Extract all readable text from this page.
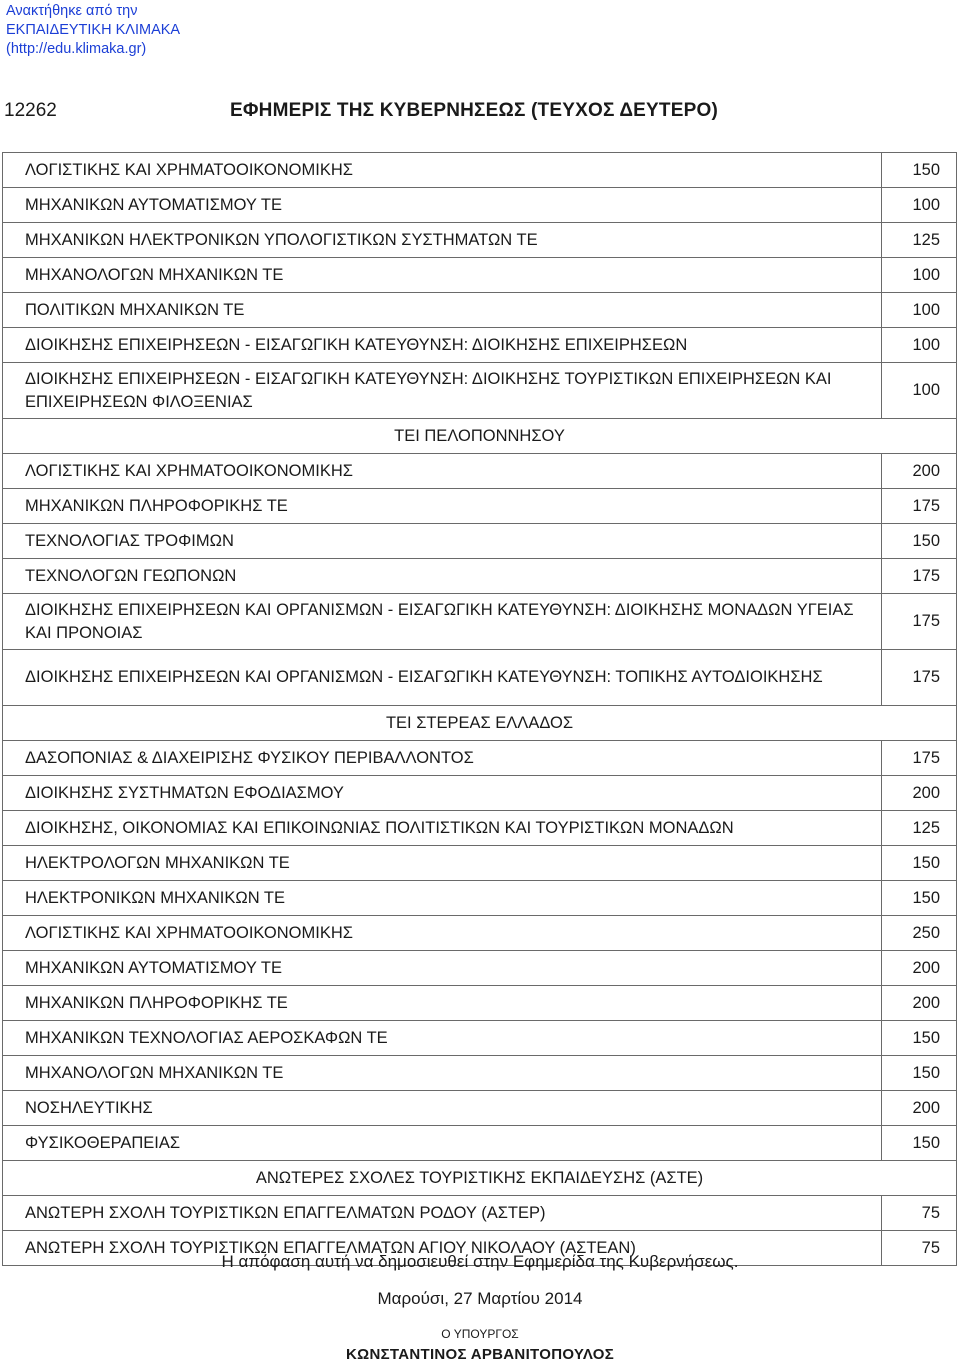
Ανακτήθηκε από την
ΕΚΠΑΙΔΕΥΤΙΚΗ ΚΛΙΜΑΚΑ
(http://edu.klimaka.gr)
12262	ΕΦΗΜΕΡΙΣ ΤΗΣ ΚΥΒΕΡΝΗΣΕΩΣ (ΤΕΥΧΟΣ ΔΕΥΤΕΡΟ)
ΛΟΓΙΣΤΙΚΗΣ ΚΑΙ ΧΡΗΜΑΤΟΟΙΚΟΝΟΜΙΚΗΣ	150
ΜΗΧΑΝΙΚΩΝ ΑΥΤΟΜΑΤΙΣΜΟΥ ΤΕ	100
ΜΗΧΑΝΙΚΩΝ ΗΛΕΚΤΡΟΝΙΚΩΝ ΥΠΟΛΟΓΙΣΤΙΚΩΝ ΣΥΣΤΗΜΑΤΩΝ ΤΕ	125
ΜΗΧΑΝΟΛΟΓΩΝ ΜΗΧΑΝΙΚΩΝ ΤΕ	100
ΠΟΛΙΤΙΚΩΝ ΜΗΧΑΝΙΚΩΝ ΤΕ	100
ΔΙΟΙΚΗΣΗΣ ΕΠΙΧΕΙΡΗΣΕΩΝ ‑ ΕΙΣΑΓΩΓΙΚΗ ΚΑΤΕΥΘΥΝΣΗ: ΔΙΟΙΚΗΣΗΣ ΕΠΙΧΕΙΡΗΣΕΩΝ	100
ΔΙΟΙΚΗΣΗΣ ΕΠΙΧΕΙΡΗΣΕΩΝ ‑ ΕΙΣΑΓΩΓΙΚΗ ΚΑΤΕΥΘΥΝΣΗ: ΔΙΟΙΚΗΣΗΣ ΤΟΥΡΙΣΤΙΚΩΝ ΕΠΙΧΕΙΡΗΣΕΩΝ ΚΑΙ ΕΠΙΧΕΙΡΗΣΕΩΝ ΦΙΛΟΞΕΝΙΑΣ	100
ΤΕΙ ΠΕΛΟΠΟΝΝΗΣΟΥ	
ΛΟΓΙΣΤΙΚΗΣ ΚΑΙ ΧΡΗΜΑΤΟΟΙΚΟΝΟΜΙΚΗΣ	200
ΜΗΧΑΝΙΚΩΝ ΠΛΗΡΟΦΟΡΙΚΗΣ ΤΕ	175
ΤΕΧΝΟΛΟΓΙΑΣ ΤΡΟΦΙΜΩΝ	150
ΤΕΧΝΟΛΟΓΩΝ ΓΕΩΠΟΝΩΝ	175
ΔΙΟΙΚΗΣΗΣ ΕΠΙΧΕΙΡΗΣΕΩΝ ΚΑΙ ΟΡΓΑΝΙΣΜΩΝ ‑ ΕΙΣΑΓΩΓΙΚΗ ΚΑΤΕΥΘΥΝΣΗ: ΔΙΟΙΚΗΣΗΣ ΜΟΝΑΔΩΝ ΥΓΕΙΑΣ ΚΑΙ ΠΡΟΝΟΙΑΣ	175
ΔΙΟΙΚΗΣΗΣ ΕΠΙΧΕΙΡΗΣΕΩΝ ΚΑΙ ΟΡΓΑΝΙΣΜΩΝ ‑ ΕΙΣΑΓΩΓΙΚΗ ΚΑΤΕΥΘΥΝΣΗ: ΤΟΠΙΚΗΣ ΑΥΤΟΔΙΟΙΚΗΣΗΣ	175
ΤΕΙ ΣΤΕΡΕΑΣ ΕΛΛΑΔΟΣ	
ΔΑΣΟΠΟΝΙΑΣ & ΔΙΑΧΕΙΡΙΣΗΣ ΦΥΣΙΚΟΥ ΠΕΡΙΒΑΛΛΟΝΤΟΣ	175
ΔΙΟΙΚΗΣΗΣ ΣΥΣΤΗΜΑΤΩΝ ΕΦΟΔΙΑΣΜΟΥ	200
ΔΙΟΙΚΗΣΗΣ, ΟΙΚΟΝΟΜΙΑΣ ΚΑΙ ΕΠΙΚΟΙΝΩΝΙΑΣ ΠΟΛΙΤΙΣΤΙΚΩΝ ΚΑΙ ΤΟΥΡΙΣΤΙΚΩΝ ΜΟΝΑΔΩΝ	125
ΗΛΕΚΤΡΟΛΟΓΩΝ ΜΗΧΑΝΙΚΩΝ ΤΕ	150
ΗΛΕΚΤΡΟΝΙΚΩΝ ΜΗΧΑΝΙΚΩΝ ΤΕ	150
ΛΟΓΙΣΤΙΚΗΣ ΚΑΙ ΧΡΗΜΑΤΟΟΙΚΟΝΟΜΙΚΗΣ	250
ΜΗΧΑΝΙΚΩΝ ΑΥΤΟΜΑΤΙΣΜΟΥ ΤΕ	200
ΜΗΧΑΝΙΚΩΝ ΠΛΗΡΟΦΟΡΙΚΗΣ ΤΕ	200
ΜΗΧΑΝΙΚΩΝ ΤΕΧΝΟΛΟΓΙΑΣ ΑΕΡΟΣΚΑΦΩΝ ΤΕ	150
ΜΗΧΑΝΟΛΟΓΩΝ ΜΗΧΑΝΙΚΩΝ ΤΕ	150
ΝΟΣΗΛΕΥΤΙΚΗΣ	200
ΦΥΣΙΚΟΘΕΡΑΠΕΙΑΣ	150
ΑΝΩΤΕΡΕΣ ΣΧΟΛΕΣ ΤΟΥΡΙΣΤΙΚΗΣ ΕΚΠΑΙΔΕΥΣΗΣ (ΑΣΤΕ)	
ΑΝΩΤΕΡΗ ΣΧΟΛΗ ΤΟΥΡΙΣΤΙΚΩΝ ΕΠΑΓΓΕΛΜΑΤΩΝ ΡΟΔΟΥ (ΑΣΤΕΡ)	75
ΑΝΩΤΕΡΗ ΣΧΟΛΗ ΤΟΥΡΙΣΤΙΚΩΝ ΕΠΑΓΓΕΛΜΑΤΩΝ ΑΓΙΟΥ ΝΙΚΟΛΑΟΥ (ΑΣΤΕΑΝ)	75
Η απόφαση αυτή να δημοσιευθεί στην Εφημερίδα της Κυβερνήσεως.
Μαρούσι, 27 Μαρτίου 2014
Ο ΥΠΟΥΡΓΟΣ
ΚΩΝΣΤΑΝΤΙΝΟΣ ΑΡΒΑΝΙΤΟΠΟΥΛΟΣ
